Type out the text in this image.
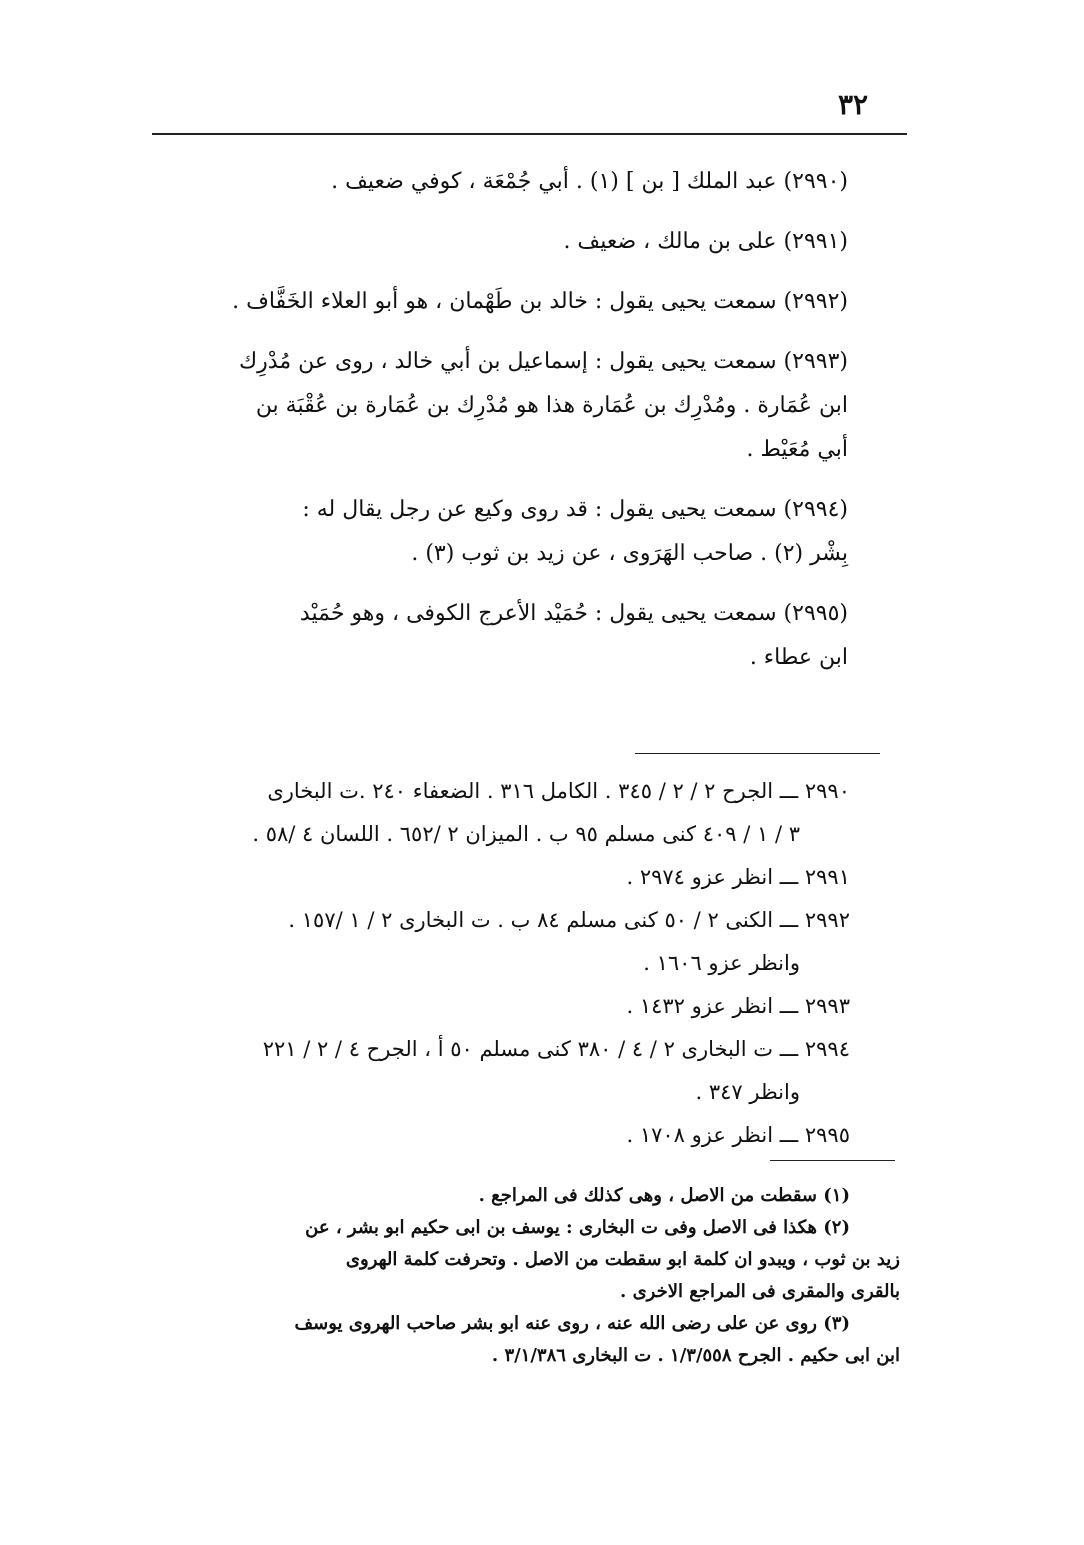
٣٢
(٢٩٩٠) عبد الملك [ بن ] (١) . أبي جُمْعَة ، كوفي ضعيف .
(٢٩٩١) على بن مالك ، ضعيف .
(٢٩٩٢) سمعت يحيى يقول : خالد بن طَهْمان ، هو أبو العلاء الخَفَّاف .
(٢٩٩٣) سمعت يحيى يقول : إسماعيل بن أبي خالد ، روى عن مُدْرِك
ابن عُمَارة . ومُدْرِك بن عُمَارة هذا هو مُدْرِك بن عُمَارة بن عُقْبَة بن
أبي مُعَيْط .
(٢٩٩٤) سمعت يحيى يقول : قد روى وكيع عن رجل يقال له :
بِشْر (٢) . صاحب الهَرَوى ، عن زيد بن ثوب (٣) .
(٢٩٩٥) سمعت يحيى يقول : حُمَيْد الأعرج الكوفى ، وهو حُمَيْد
ابن عطاء .
٢٩٩٠ ـــ الجرح ٢ / ٢ / ٣٤٥ . الكامل ٣١٦ . الضعفاء ٢٤٠ .ت البخارى
٣ / ١ / ٤٠٩ كنى مسلم ٩٥ ب . الميزان ٢ /٦٥٢ . اللسان ٤ /٥٨ .
٢٩٩١ ـــ انظر عزو ٢٩٧٤ .
٢٩٩٢ ـــ الكنى ٢ / ٥٠ كنى مسلم ٨٤ ب . ت البخارى ٢ / ١ /١٥٧ .
وانظر عزو ١٦٠٦ .
٢٩٩٣ ـــ انظر عزو ١٤٣٢ .
٢٩٩٤ ـــ ت البخارى ٢ / ٤ / ٣٨٠ كنى مسلم ٥٠ أ ، الجرح ٤ / ٢ / ٢٢١
وانظر ٣٤٧ .
٢٩٩٥ ـــ انظر عزو ١٧٠٨ .
(١) سقطت من الاصل ، وهى كذلك فى المراجع .
(٢) هكذا فى الاصل وفى ت البخارى : يوسف بن ابى حكيم ابو بشر ، عن
زيد بن ثوب ، ويبدو ان كلمة ابو سقطت من الاصل . وتحرفت كلمة الهروى
بالقرى والمقرى فى المراجع الاخرى .
(٣) روى عن على رضى الله عنه ، روى عنه ابو بشر صاحب الهروى يوسف
ابن ابى حكيم . الجرح ١/٣/٥٥٨ . ت البخارى ٣/١/٣٨٦ .
